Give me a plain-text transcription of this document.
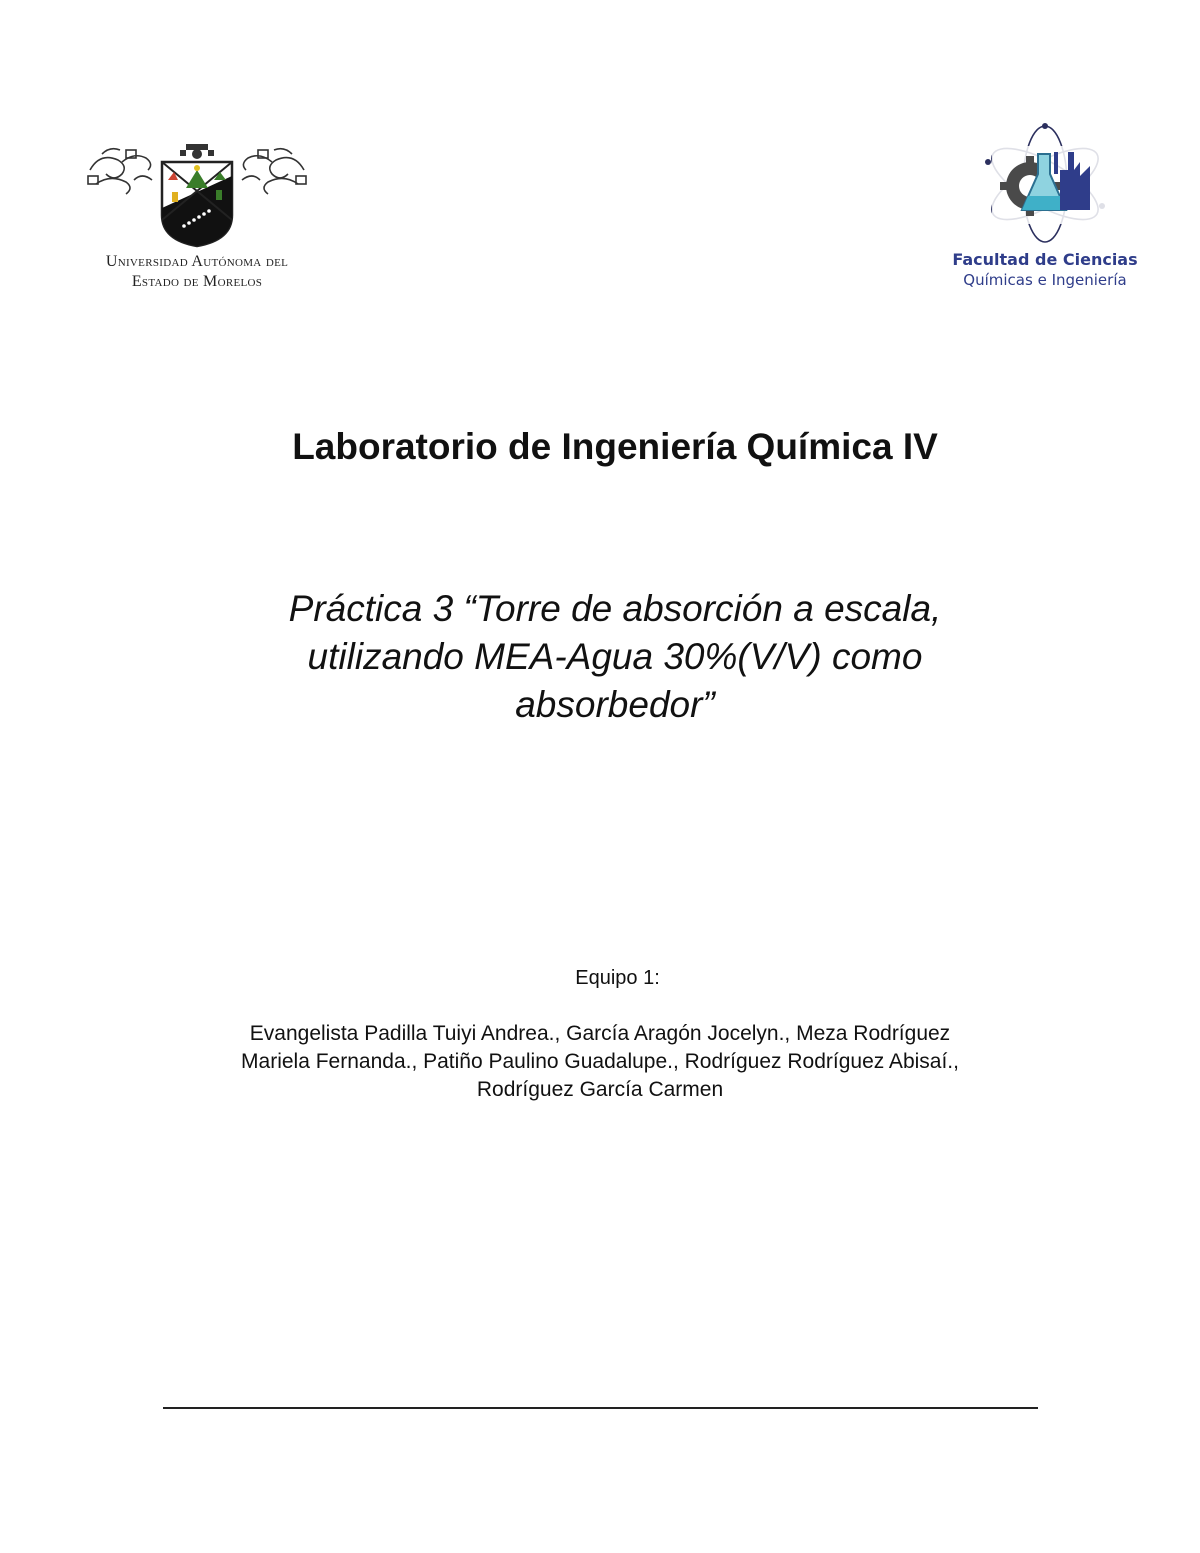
Universidad Autónoma del
Estado de Morelos
Facultad de Ciencias
Químicas e Ingeniería
Laboratorio de Ingeniería Química IV
Práctica 3 “Torre de absorción a escala,
utilizando MEA-Agua 30%(V/V) como
absorbedor”
Equipo 1:
Evangelista Padilla Tuiyi Andrea., García Aragón Jocelyn., Meza Rodríguez
Mariela Fernanda., Patiño Paulino Guadalupe., Rodríguez Rodríguez Abisaí.,
Rodríguez García Carmen
